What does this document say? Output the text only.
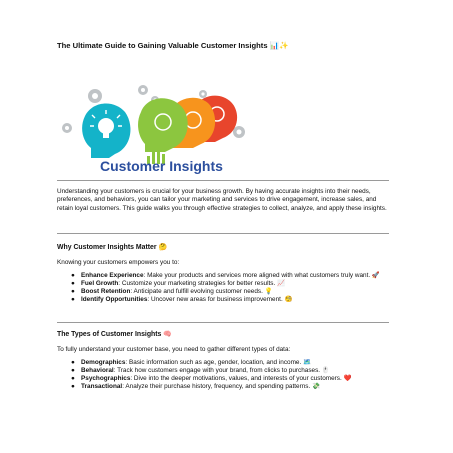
The Ultimate Guide to Gaining Valuable Customer Insights 📊✨
Customer Insights
Understanding your customers is crucial for your business growth. By having accurate insights into their needs, preferences, and behaviors, you can tailor your marketing and services to drive engagement, increase sales, and retain loyal customers. This guide walks you through effective strategies to collect, analyze, and apply these insights.
Why Customer Insights Matter 🤔
Knowing your customers empowers you to:
● Enhance Experience: Make your products and services more aligned with what customers truly want. 🚀
● Fuel Growth: Customize your marketing strategies for better results. 📈
● Boost Retention: Anticipate and fulfill evolving customer needs. 💡
● Identify Opportunities: Uncover new areas for business improvement. 🧐
The Types of Customer Insights 🧠
To fully understand your customer base, you need to gather different types of data:
● Demographics: Basic information such as age, gender, location, and income. 🗺️
● Behavioral: Track how customers engage with your brand, from clicks to purchases. 🖱️
● Psychographics: Dive into the deeper motivations, values, and interests of your customers. ❤️
● Transactional: Analyze their purchase history, frequency, and spending patterns. 💸
